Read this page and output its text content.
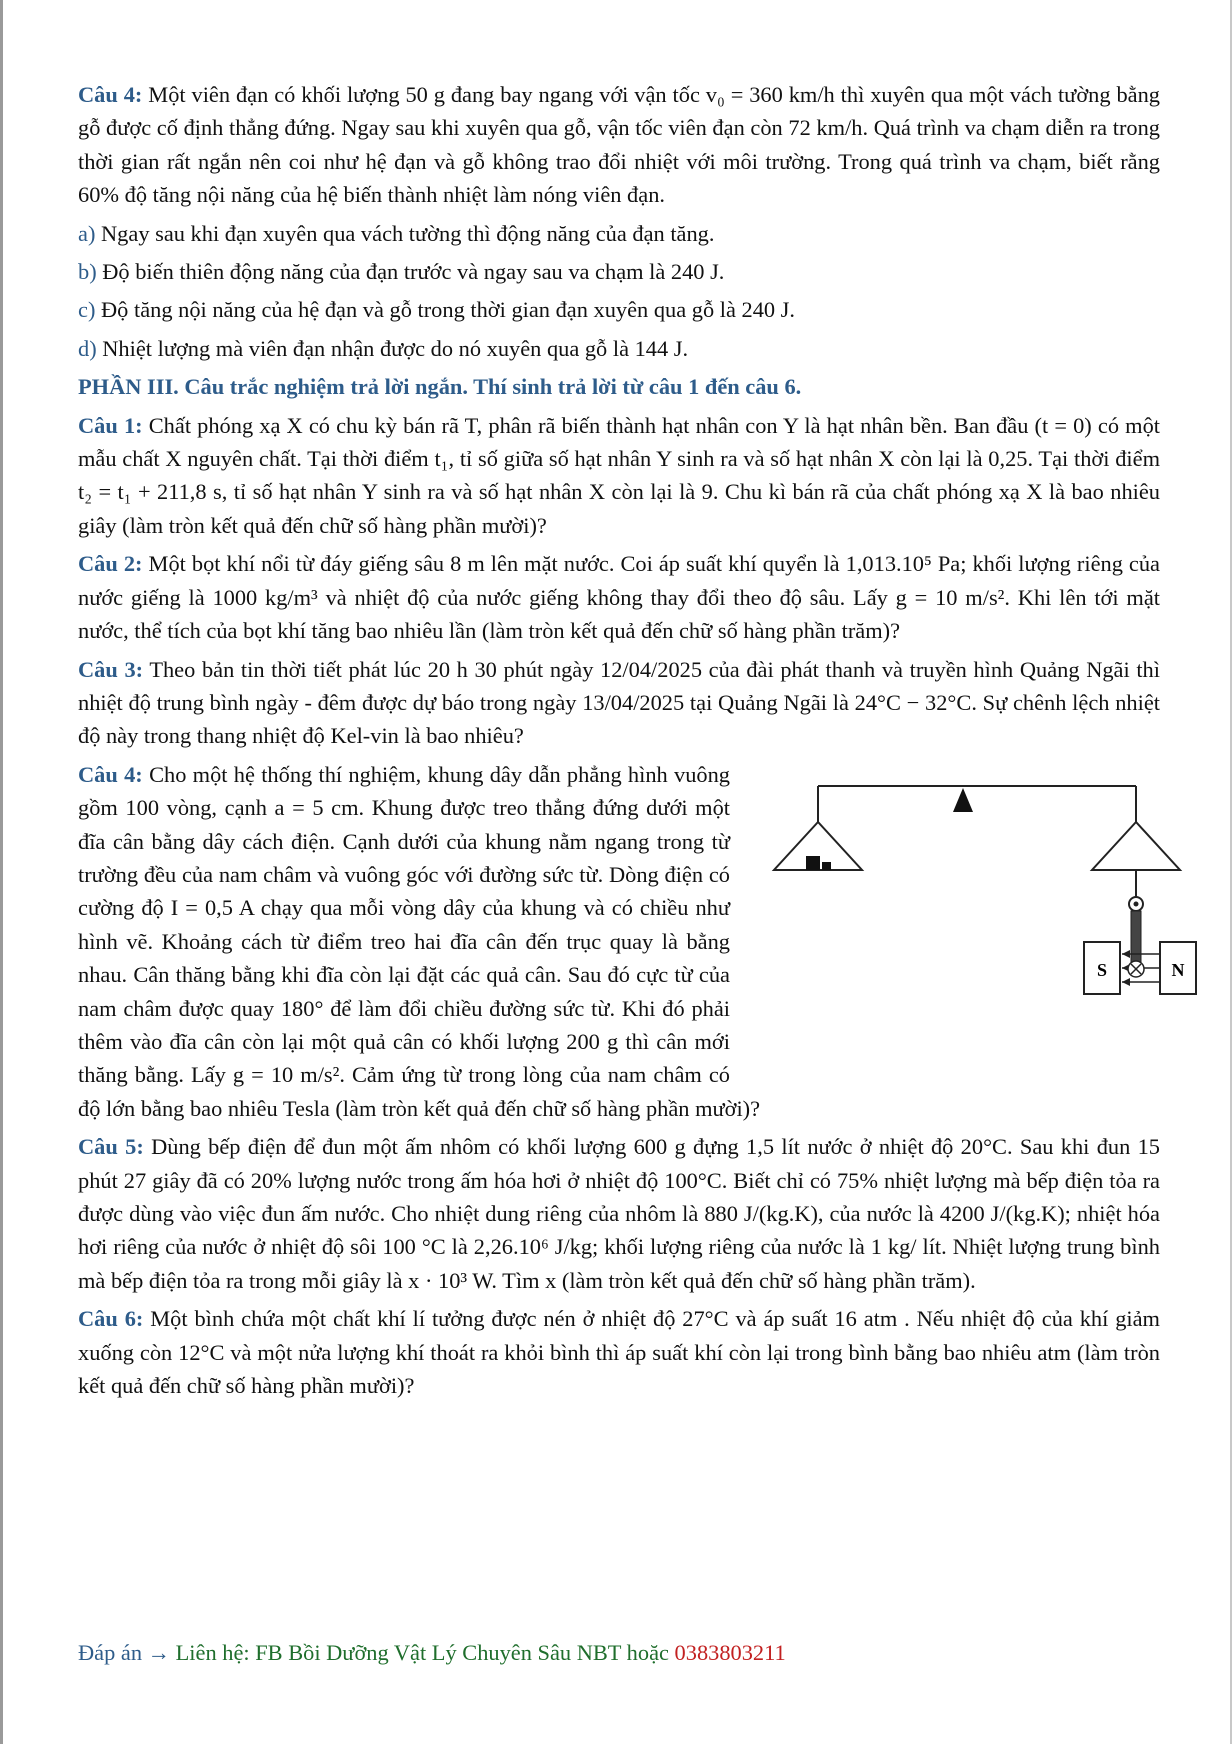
Câu 4: Một viên đạn có khối lượng 50 g đang bay ngang với vận tốc v₀ = 360 km/h thì xuyên qua một vách tường bằng gỗ được cố định thẳng đứng. Ngay sau khi xuyên qua gỗ, vận tốc viên đạn còn 72 km/h. Quá trình va chạm diễn ra trong thời gian rất ngắn nên coi như hệ đạn và gỗ không trao đổi nhiệt với môi trường. Trong quá trình va chạm, biết rằng 60% độ tăng nội năng của hệ biến thành nhiệt làm nóng viên đạn.

a) Ngay sau khi đạn xuyên qua vách tường thì động năng của đạn tăng.

b) Độ biến thiên động năng của đạn trước và ngay sau va chạm là 240 J.

c) Độ tăng nội năng của hệ đạn và gỗ trong thời gian đạn xuyên qua gỗ là 240 J.

d) Nhiệt lượng mà viên đạn nhận được do nó xuyên qua gỗ là 144 J.

PHẦN III. Câu trắc nghiệm trả lời ngắn. Thí sinh trả lời từ câu 1 đến câu 6.

Câu 1: Chất phóng xạ X có chu kỳ bán rã T, phân rã biến thành hạt nhân con Y là hạt nhân bền. Ban đầu (t = 0) có một mẫu chất X nguyên chất. Tại thời điểm t₁, tỉ số giữa số hạt nhân Y sinh ra và số hạt nhân X còn lại là 0,25. Tại thời điểm t₂ = t₁ + 211,8 s, tỉ số hạt nhân Y sinh ra và số hạt nhân X còn lại là 9. Chu kì bán rã của chất phóng xạ X là bao nhiêu giây (làm tròn kết quả đến chữ số hàng phần mười)?

Câu 2: Một bọt khí nổi từ đáy giếng sâu 8 m lên mặt nước. Coi áp suất khí quyển là 1,013.10⁵ Pa; khối lượng riêng của nước giếng là 1000 kg/m³ và nhiệt độ của nước giếng không thay đổi theo độ sâu. Lấy g = 10 m/s². Khi lên tới mặt nước, thể tích của bọt khí tăng bao nhiêu lần (làm tròn kết quả đến chữ số hàng phần trăm)?

Câu 3: Theo bản tin thời tiết phát lúc 20 h 30 phút ngày 12/04/2025 của đài phát thanh và truyền hình Quảng Ngãi thì nhiệt độ trung bình ngày - đêm được dự báo trong ngày 13/04/2025 tại Quảng Ngãi là 24°C − 32°C. Sự chênh lệch nhiệt độ này trong thang nhiệt độ Kel-vin là bao nhiêu?

S	N
Câu 4: Cho một hệ thống thí nghiệm, khung dây dẫn phẳng hình vuông gồm 100 vòng, cạnh a = 5 cm. Khung được treo thẳng đứng dưới một đĩa cân bằng dây cách điện. Cạnh dưới của khung nằm ngang trong từ trường đều của nam châm và vuông góc với đường sức từ. Dòng điện có cường độ I = 0,5 A chạy qua mỗi vòng dây của khung và có chiều như hình vẽ. Khoảng cách từ điểm treo hai đĩa cân đến trục quay là bằng nhau. Cân thăng bằng khi đĩa còn lại đặt các quả cân. Sau đó cực từ của nam châm được quay 180° để làm đổi chiều đường sức từ. Khi đó phải thêm vào đĩa cân còn lại một quả cân có khối lượng 200 g thì cân mới thăng bằng. Lấy g = 10 m/s². Cảm ứng từ trong lòng của nam châm có độ lớn bằng bao nhiêu Tesla (làm tròn kết quả đến chữ số hàng phần mười)?

Câu 5: Dùng bếp điện để đun một ấm nhôm có khối lượng 600 g đựng 1,5 lít nước ở nhiệt độ 20°C. Sau khi đun 15 phút 27 giây đã có 20% lượng nước trong ấm hóa hơi ở nhiệt độ 100°C. Biết chỉ có 75% nhiệt lượng mà bếp điện tỏa ra được dùng vào việc đun ấm nước. Cho nhiệt dung riêng của nhôm là 880 J/(kg.K), của nước là 4200 J/(kg.K); nhiệt hóa hơi riêng của nước ở nhiệt độ sôi 100 °C là 2,26.10⁶ J/kg; khối lượng riêng của nước là 1 kg/ lít. Nhiệt lượng trung bình mà bếp điện tỏa ra trong mỗi giây là x · 10³ W. Tìm x (làm tròn kết quả đến chữ số hàng phần trăm).

Câu 6: Một bình chứa một chất khí lí tưởng được nén ở nhiệt độ 27°C và áp suất 16 atm . Nếu nhiệt độ của khí giảm xuống còn 12°C và một nửa lượng khí thoát ra khỏi bình thì áp suất khí còn lại trong bình bằng bao nhiêu atm (làm tròn kết quả đến chữ số hàng phần mười)?

Đáp án → Liên hệ: FB Bồi Dưỡng Vật Lý Chuyên Sâu NBT hoặc 0383803211
